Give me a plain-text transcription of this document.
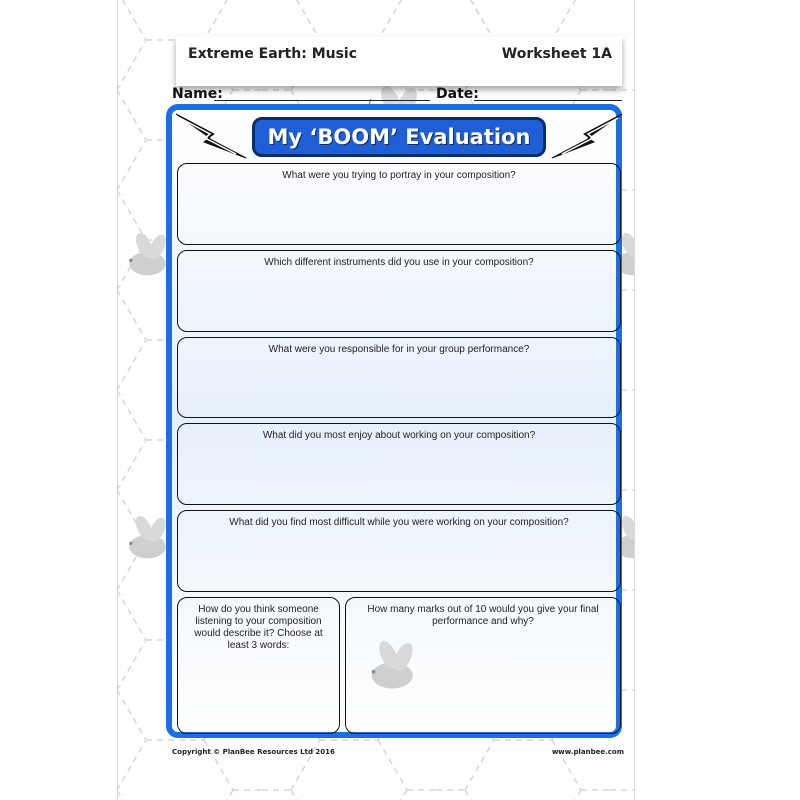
Extreme Earth: Music	Worksheet 1A
Name:	Date:
My ‘BOOM’ Evaluation
What were you trying to portray in your composition?
Which different instruments did you use in your composition?
What were you responsible for in your group performance?
What did you most enjoy about working on your composition?
What did you find most difficult while you were working on your composition?
How do you think someone listening to your composition would describe it? Choose at least 3 words:
How many marks out of 10 would you give your final performance and why?
Copyright © PlanBee Resources Ltd 2016	www.planbee.com
